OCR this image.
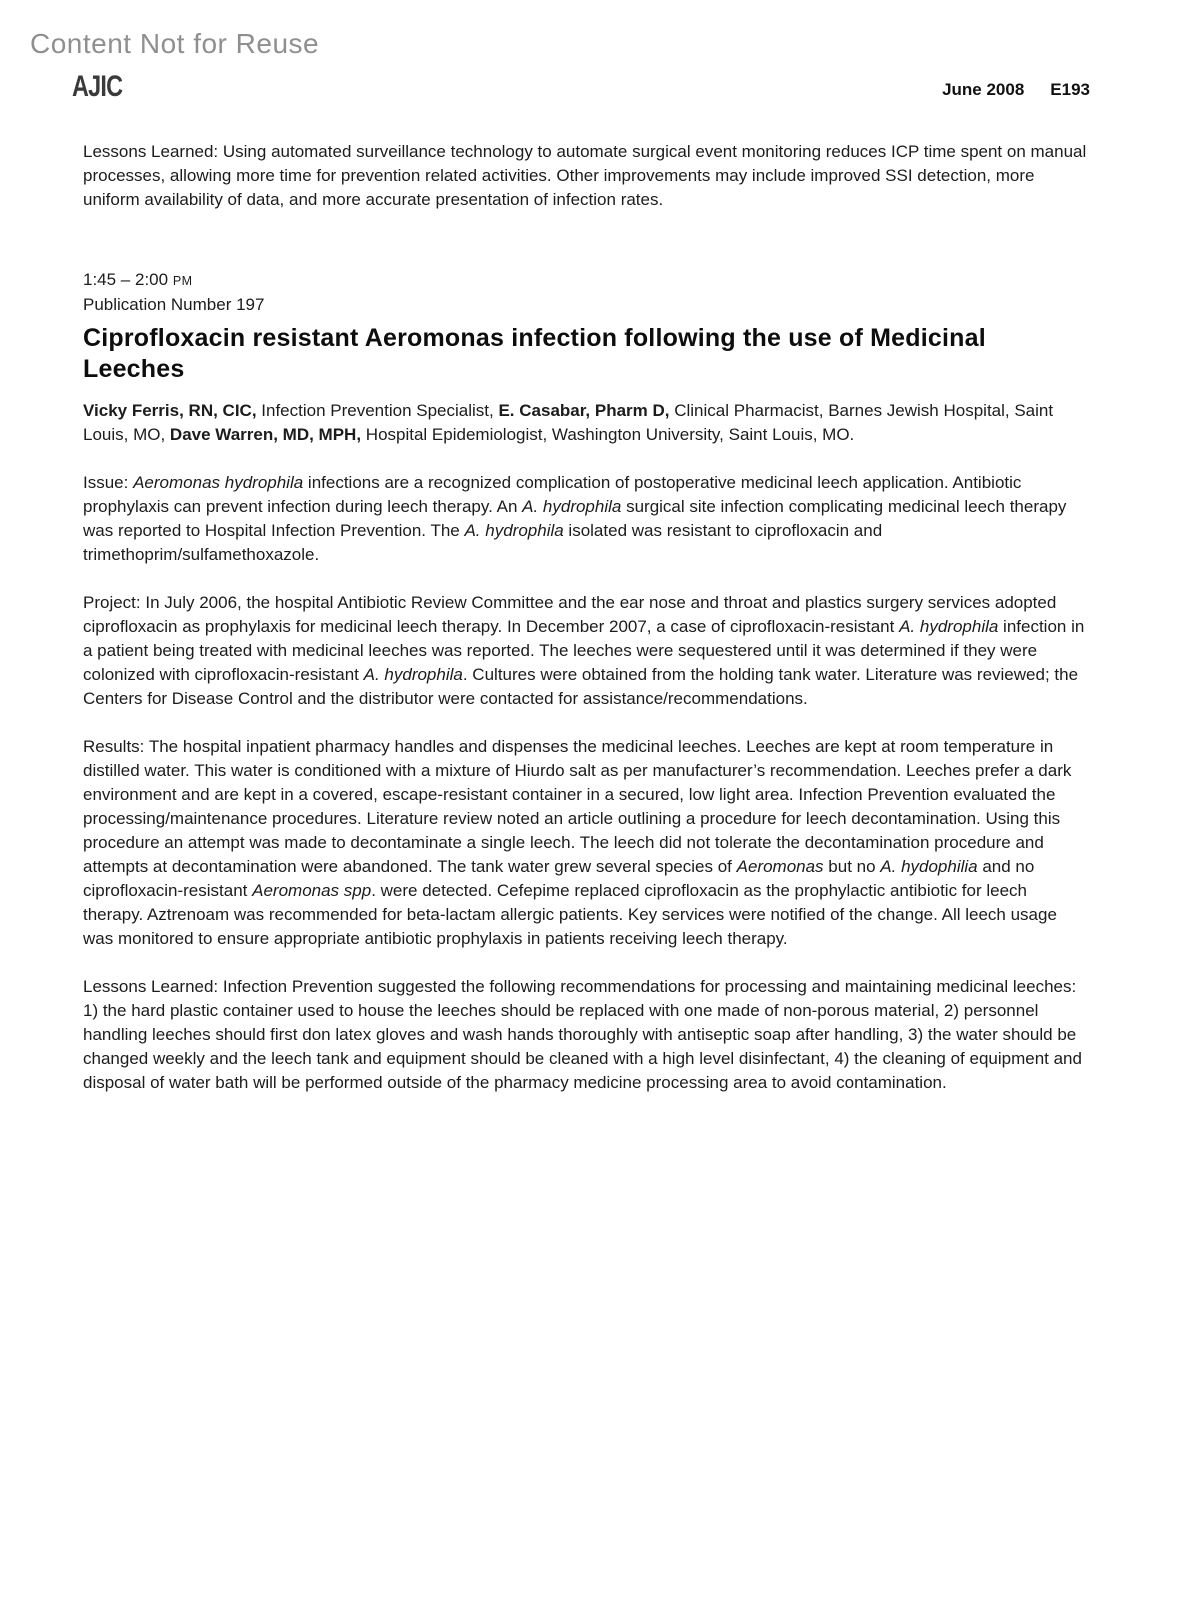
Content Not for Reuse
AJIC	June 2008 E193

Lessons Learned: Using automated surveillance technology to automate surgical event monitoring reduces ICP time spent on manual processes, allowing more time for prevention related activities. Other improvements may include improved SSI detection, more uniform availability of data, and more accurate presentation of infection rates.

1:45 – 2:00 PM

Publication Number 197

Ciprofloxacin resistant Aeromonas infection following the use of Medicinal Leeches

Vicky Ferris, RN, CIC, Infection Prevention Specialist, E. Casabar, Pharm D, Clinical Pharmacist, Barnes Jewish Hospital, Saint Louis, MO, Dave Warren, MD, MPH, Hospital Epidemiologist, Washington University, Saint Louis, MO.

Issue: Aeromonas hydrophila infections are a recognized complication of postoperative medicinal leech application. Antibiotic prophylaxis can prevent infection during leech therapy. An A. hydrophila surgical site infection complicating medicinal leech therapy was reported to Hospital Infection Prevention. The A. hydrophila isolated was resistant to ciprofloxacin and trimethoprim/sulfamethoxazole.

Project: In July 2006, the hospital Antibiotic Review Committee and the ear nose and throat and plastics surgery services adopted ciprofloxacin as prophylaxis for medicinal leech therapy. In December 2007, a case of ciprofloxacin-resistant A. hydrophila infection in a patient being treated with medicinal leeches was reported. The leeches were sequestered until it was determined if they were colonized with ciprofloxacin-resistant A. hydrophila. Cultures were obtained from the holding tank water. Literature was reviewed; the Centers for Disease Control and the distributor were contacted for assistance/recommendations.

Results: The hospital inpatient pharmacy handles and dispenses the medicinal leeches. Leeches are kept at room temperature in distilled water. This water is conditioned with a mixture of Hiurdo salt as per manufacturer’s recommendation. Leeches prefer a dark environment and are kept in a covered, escape-resistant container in a secured, low light area. Infection Prevention evaluated the processing/maintenance procedures. Literature review noted an article outlining a procedure for leech decontamination. Using this procedure an attempt was made to decontaminate a single leech. The leech did not tolerate the decontamination procedure and attempts at decontamination were abandoned. The tank water grew several species of Aeromonas but no A. hydophilia and no ciprofloxacin-resistant Aeromonas spp. were detected. Cefepime replaced ciprofloxacin as the prophylactic antibiotic for leech therapy. Aztrenoam was recommended for beta-lactam allergic patients. Key services were notified of the change. All leech usage was monitored to ensure appropriate antibiotic prophylaxis in patients receiving leech therapy.

Lessons Learned: Infection Prevention suggested the following recommendations for processing and maintaining medicinal leeches: 1) the hard plastic container used to house the leeches should be replaced with one made of non-porous material, 2) personnel handling leeches should first don latex gloves and wash hands thoroughly with antiseptic soap after handling, 3) the water should be changed weekly and the leech tank and equipment should be cleaned with a high level disinfectant, 4) the cleaning of equipment and disposal of water bath will be performed outside of the pharmacy medicine processing area to avoid contamination.
